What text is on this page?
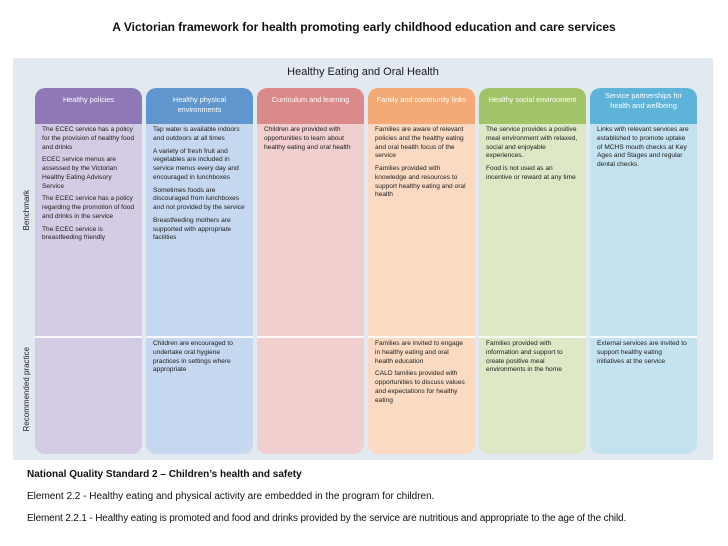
A Victorian framework for health promoting early childhood education and care services
Healthy Eating and Oral Health
Benchmark
Recommended practice
Healthy policies
The ECEC service has a policy for the provision of healthy food and drinks
ECEC service menus are assessed by the Victorian Healthy Eating Advisory Service
The ECEC service has a policy regarding the promotion of food and drinks in the service
The ECEC service is breastfeeding friendly
Healthy physical environments
Tap water is available indoors and outdoors at all times
A variety of fresh fruit and vegetables are included in service menus every day and encouraged in lunchboxes
Sometimes foods are discouraged from lunchboxes and not provided by the service
Breastfeeding mothers are supported with appropriate facilities
Children are encouraged to undertake oral hygiene practices in settings where appropriate
Curriculum and learning
Children are provided with opportunities to learn about healthy eating and oral health
Family and community links
Families are aware of relevant policies and the healthy eating and oral health focus of the service
Families provided with knowledge and resources to support healthy eating and oral health
Families are invited to engage in healthy eating and oral health education
CALD families provided with opportunities to discuss values and expectations for healthy eating
Healthy social environment
The service provides a positive meal environment with relaxed, social and enjoyable experiences.
Food is not used as an incentive or reward at any time
Families provided with information and support to create positive meal environments in the home
Service partnerships for health and wellbeing
Links with relevant services are established to promote uptake of MCHS mouth checks at Key Ages and Stages and regular dental checks.
External services are invited to support healthy eating initiatives at the service
National Quality Standard 2 – Children’s health and safety
Element 2.2 - Healthy eating and physical activity are embedded in the program for children.
Element 2.2.1 - Healthy eating is promoted and food and drinks provided by the service are nutritious and appropriate to the age of the child.
